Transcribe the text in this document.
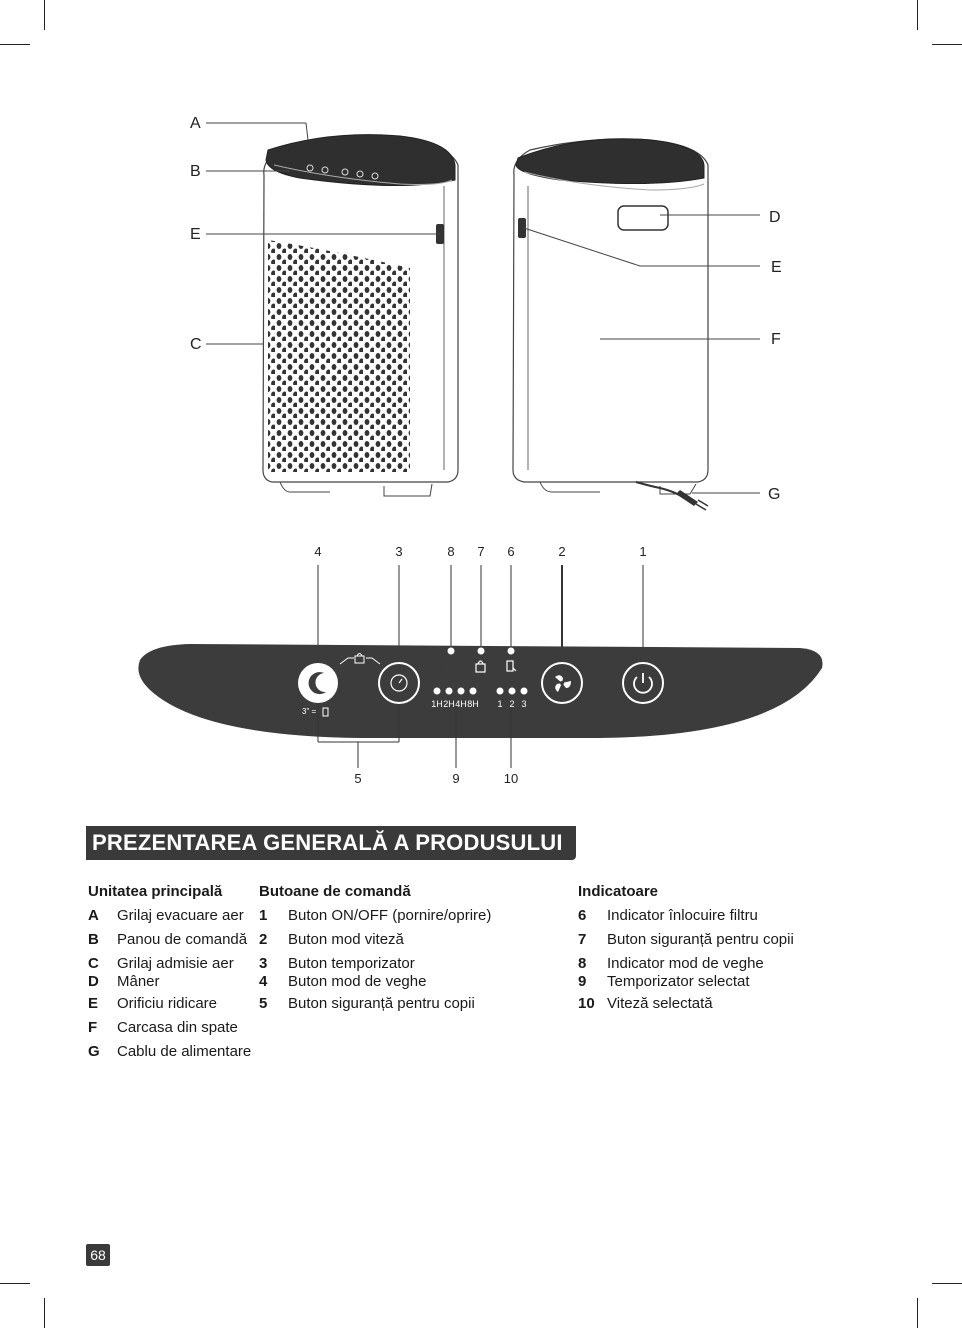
A
B
E
C
D
E
F
G
3" =
1H 2H 4H 8H 1 2 3
4	3	8	7	6	2	1
5	9	10
PREZENTAREA GENERALĂ A PRODUSULUI
Unitatea principală
A	Grilaj evacuare aer
B	Panou de comandă
C	Grilaj admisie aer
D	Mâner
E	Orificiu ridicare
F	Carcasa din spate
G	Cablu de alimentare
Butoane de comandă
1	Buton ON/OFF (pornire/oprire)
2	Buton mod viteză
3	Buton temporizator
4	Buton mod de veghe
5	Buton siguranță pentru copii
Indicatoare
6	Indicator înlocuire filtru
7	Buton siguranță pentru copii
8	Indicator mod de veghe
9	Temporizator selectat
10 Viteză selectată
68
